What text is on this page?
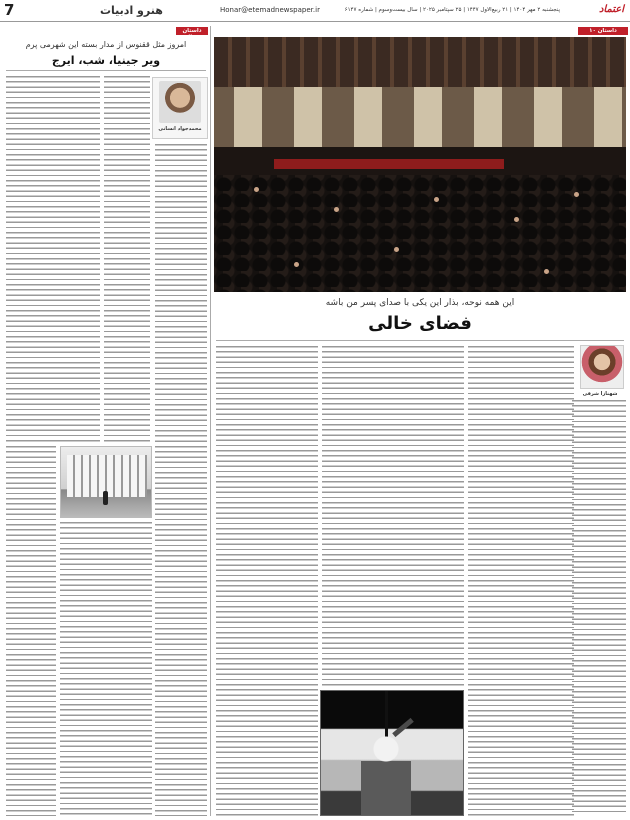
7	هنرو ادبیات	Honar@etemadnewspaper.ir	پنجشنبه ۲ مهر ۱۴۰۴ | ۲۱ ربیع‌الاول ۱۴۴۷ | ۲۵ سپتامبر ۲۰۲۵ | سال بیست‌وسوم | شماره ۶۱۴۷	اعتماد
داستان ۲۰
داستان ۱۰
امروز مثل ققنوس از مدار بسته این شهرمی پرم
ویر جینیا، شب، ایرج
محمدجواد انسانی
این همه نوحه، بذار این یکی با صدای پسر من باشه
فضای خالی
شهنازا شرفی
